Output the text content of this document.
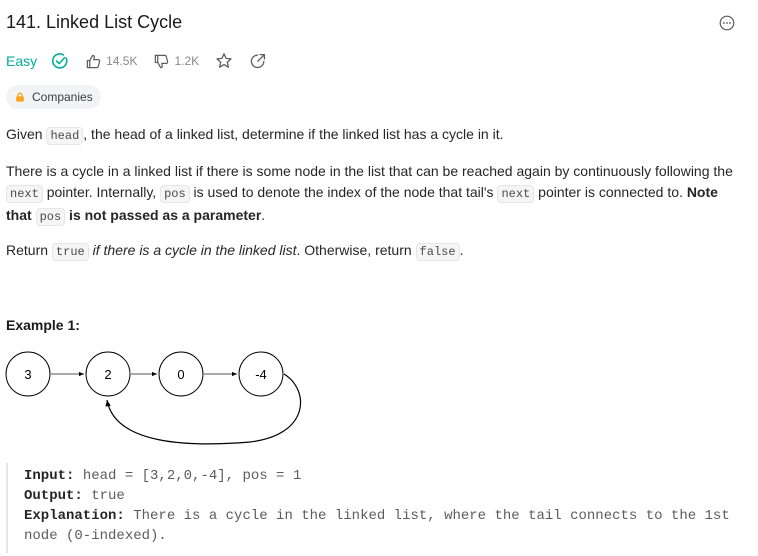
141. Linked List Cycle
Easy	14.5K	1.2K
Companies
Given head , the head of a linked list, determine if the linked list has a cycle in it.
There is a cycle in a linked list if there is some node in the list that can be reached again by continuously following the next pointer. Internally, pos is used to denote the index of the node that tail's next pointer is connected to. Note that pos is not passed as a parameter.
Return true if there is a cycle in the linked list. Otherwise, return false .
Example 1:
3	2	0	-4
Input: head = [3,2,0,-4], pos = 1
Output: true
Explanation: There is a cycle in the linked list, where the tail connects to the 1st node (0-indexed).
